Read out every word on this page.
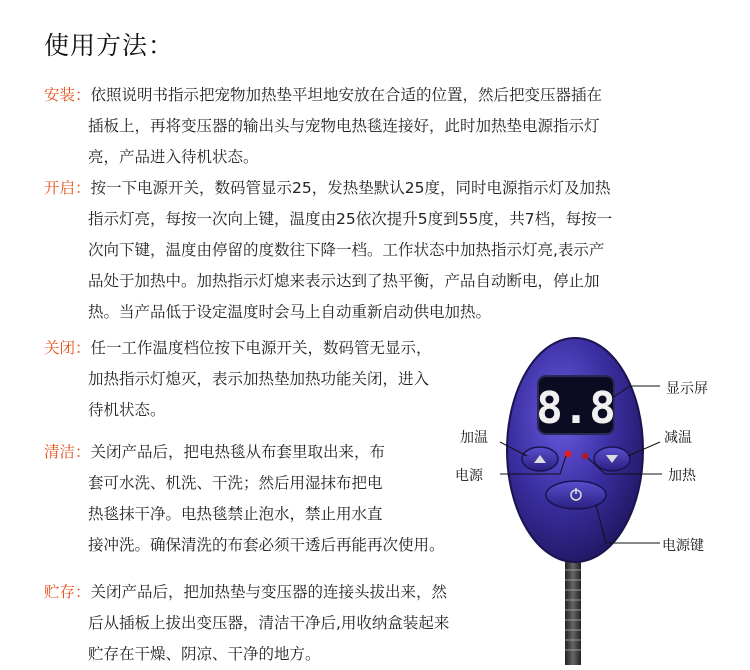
使用方法：
安装：依照说明书指示把宠物加热垫平坦地安放在合适的位置，然后把变压器插在
插板上，再将变压器的输出头与宠物电热毯连接好，此时加热垫电源指示灯
亮，产品进入待机状态。
开启：按一下电源开关，数码管显示25，发热垫默认25度，同时电源指示灯及加热
指示灯亮，每按一次向上键，温度由25依次提升5度到55度，共7档，每按一
次向下键，温度由停留的度数往下降一档。工作状态中加热指示灯亮,表示产
品处于加热中。加热指示灯熄来表示达到了热平衡，产品自动断电，停止加
热。当产品低于设定温度时会马上自动重新启动供电加热。
关闭：任一工作温度档位按下电源开关，数码管无显示，
加热指示灯熄灭，表示加热垫加热功能关闭，进入
待机状态。
清洁：关闭产品后，把电热毯从布套里取出来，布
套可水洗、机洗、干洗；然后用湿抹布把电
热毯抹干净。电热毯禁止泡水，禁止用水直
接冲洗。确保清洗的布套必须干透后再能再次使用。
贮存：关闭产品后，把加热垫与变压器的连接头拔出来，然
后从插板上拔出变压器，清洁干净后,用收纳盒装起来
贮存在干燥、阴凉、干净的地方。
8.8	显示屏
加温	减温
电源	加热
电源键
